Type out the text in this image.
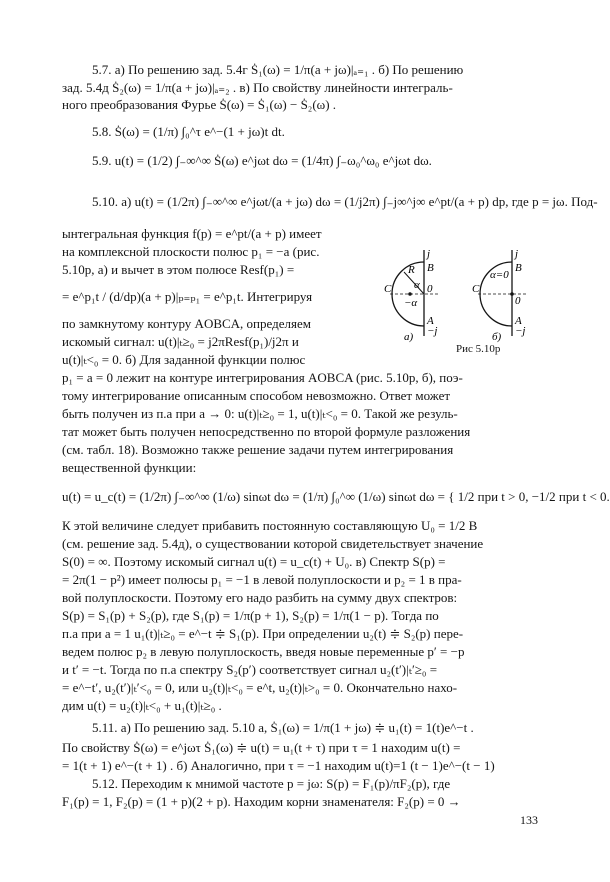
5.7. а) По решению зад. 5.4г Ṡ₁(ω) = 1/π(a + jω)|ₐ₌₁ . б) По решению
зад. 5.4д Ṡ₂(ω) = 1/π(a + jω)|ₐ₌₂ . в) По свойству линейности интеграль-
ного преобразования Фурье Ṡ(ω) = Ṡ₁(ω) − Ṡ₂(ω) .
5.8. Ṡ(ω) = (1/π) ∫₀^τ e^−(1 + jω)t dt.
5.9. u(t) = (1/2) ∫₋∞^∞ Ṡ(ω) e^jωt dω = (1/4π) ∫₋ω₀^ω₀ e^jωt dω.
5.10. а) u(t) = (1/2π) ∫₋∞^∞ e^jωt/(a + jω) dω = (1/j2π) ∫₋j∞^j∞ e^pt/(a + p) dp, где p = jω. Под-
ынтегральная функция f(p) = e^pt/(a + p) имеет
на комплексной плоскости полюс p₁ = −a (рис.
5.10р, а) и вычет в этом полюсе Resf(p₁) =
= e^p₁t / (d/dp)(a + p)|ₚ₌ₚ₁ = e^p₁t. Интегрируя
по замкнутому контуру AOBCA, определяем
искомый сигнал: u(t)|ₜ≥₀ = j2πResf(p₁)/j2π и
u(t)|ₜ<₀ = 0. б) Для заданной функции полюс
p₁ = a = 0 лежит на контуре интегрирования AOBCA (рис. 5.10р, б), поэ-
тому интегрирование описанным способом невозможно. Ответ может
быть получен из п.а при a → 0: u(t)|ₜ≥₀ = 1, u(t)|ₜ<₀ = 0. Такой же резуль-
тат может быть получен непосредственно по второй формуле разложения
(см. табл. 18). Возможно также решение задачи путем интегрирования
вещественной функции:
u(t) = u_c(t) = (1/2π) ∫₋∞^∞ (1/ω) sinωt dω = (1/π) ∫₀^∞ (1/ω) sinωt dω = { 1/2 при t > 0, −1/2 при t < 0.
К этой величине следует прибавить постоянную составляющую U₀ = 1/2 В
(см. решение зад. 5.4д), о существовании которой свидетельствует значение
S(0) = ∞. Поэтому искомый сигнал u(t) = u_c(t) + U₀. в) Спектр S(p) =
= 2π(1 − p²) имеет полюсы p₁ = −1 в левой полуплоскости и p₂ = 1 в пра-
вой полуплоскости. Поэтому его надо разбить на сумму двух спектров:
S(p) = S₁(p) + S₂(p), где S₁(p) = 1/π(p + 1), S₂(p) = 1/π(1 − p). Тогда по
п.а при a = 1 u₁(t)|ₜ≥₀ = e^−t ≑ S₁(p). При определении u₂(t) ≑ S₂(p) пере-
ведем полюс p₂ в левую полуплоскость, введя новые переменные p′ = −p
и t′ = −t. Тогда по п.а спектру S₂(p′) соответствует сигнал u₂(t′)|ₜ′≥₀ =
= e^−t′, u₂(t′)|ₜ′<₀ = 0, или u₂(t)|ₜ<₀ = e^t, u₂(t)|ₜ>₀ = 0. Окончательно нахо-
дим u(t) = u₂(t)|ₜ<₀ + u₁(t)|ₜ≥₀ .
5.11. а) По решению зад. 5.10 а, Ṡ₁(ω) = 1/π(1 + jω) ≑ u₁(t) = 1(t)e^−t .
По свойству Ṡ(ω) = e^jωτ Ṡ₁(ω) ≑ u(t) = u₁(t + τ) при τ = 1 находим u(t) =
= 1(t + 1) e^−(t + 1) . б) Аналогично, при τ = −1 находим u(t)=1 (t − 1)e^−(t − 1)
5.12. Переходим к мнимой частоте p = jω: S(p) = F₁(p)/πF₂(p), где
F₁(p) = 1, F₂(p) = (1 + p)(2 + p). Находим корни знаменателя: F₂(p) = 0 →
j
B
C
R
α 0
−α
A
−j
а)
j
B
C
α=0
0
A
−j
б)
Рис 5.10р
133
